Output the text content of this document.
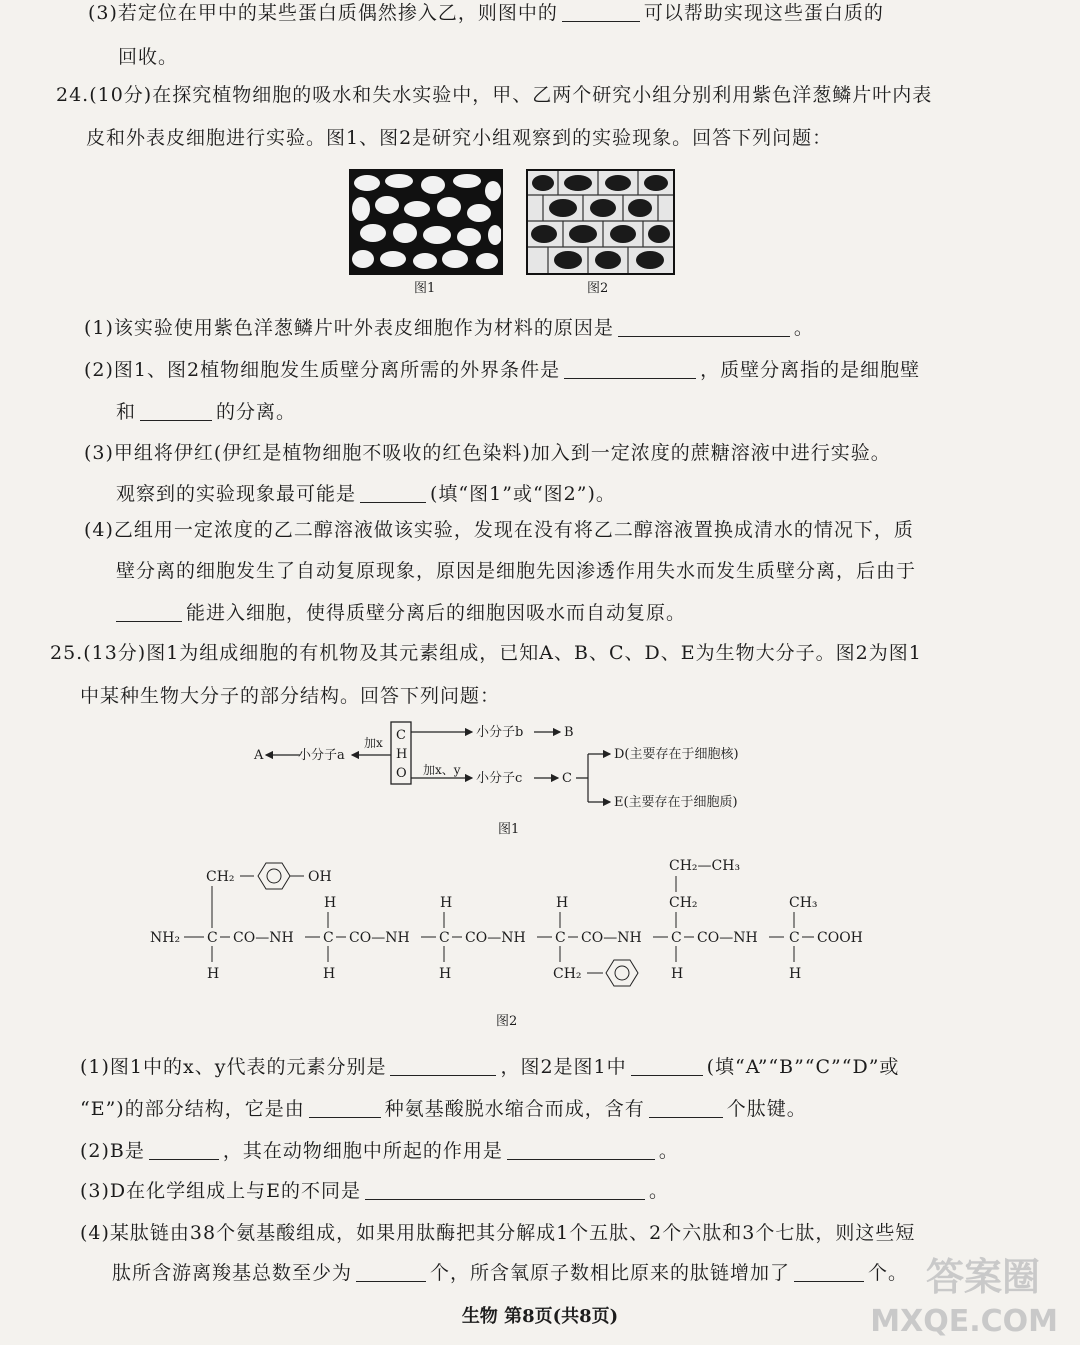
(3)若定位在甲中的某些蛋白质偶然掺入乙，则图中的	可以帮助实现这些蛋白质的
回收。
24.(10分)在探究植物细胞的吸水和失水实验中，甲、乙两个研究小组分别利用紫色洋葱鳞片叶内表
皮和外表皮细胞进行实验。图1、图2是研究小组观察到的实验现象。回答下列问题：
图1	图2
(1)该实验使用紫色洋葱鳞片叶外表皮细胞作为材料的原因是	。
(2)图1、图2植物细胞发生质壁分离所需的外界条件是	，质壁分离指的是细胞壁
和	的分离。
(3)甲组将伊红(伊红是植物细胞不吸收的红色染料)加入到一定浓度的蔗糖溶液中进行实验。
观察到的实验现象最可能是	(填“图1”或“图2”)。
(4)乙组用一定浓度的乙二醇溶液做该实验，发现在没有将乙二醇溶液置换成清水的情况下，质
壁分离的细胞发生了自动复原现象，原因是细胞先因渗透作用失水而发生质壁分离，后由于
能进入细胞，使得质壁分离后的细胞因吸水而自动复原。
25.(13分)图1为组成细胞的有机物及其元素组成，已知A、B、C、D、E为生物大分子。图2为图1
中某种生物大分子的部分结构。回答下列问题：
A	小分子a
加x C
H
O
小分子b	B
加x、y
小分子c	C
D(主要存在于细胞核)
E(主要存在于细胞质)
图1
CH₂	OH
H	H	H
CH₂—CH₃
CH₂	CH₃
NH₂ C CO—NH C CO—NH C CO—NH C CO—NH C CO—NH C COOH
H	H	H	CH₂	H	H
图2
(1)图1中的x、y代表的元素分别是	，图2是图1中	(填“A”“B”“C”“D”或
“E”)的部分结构，它是由	种氨基酸脱水缩合而成，含有	个肽键。
(2)B是	，其在动物细胞中所起的作用是	。
(3)D在化学组成上与E的不同是	。
(4)某肽链由38个氨基酸组成，如果用肽酶把其分解成1个五肽、2个六肽和3个七肽，则这些短
肽所含游离羧基总数至少为	个，所含氧原子数相比原来的肽链增加了	个。
生物 第8页(共8页)
答案圈
MXQE.COM
